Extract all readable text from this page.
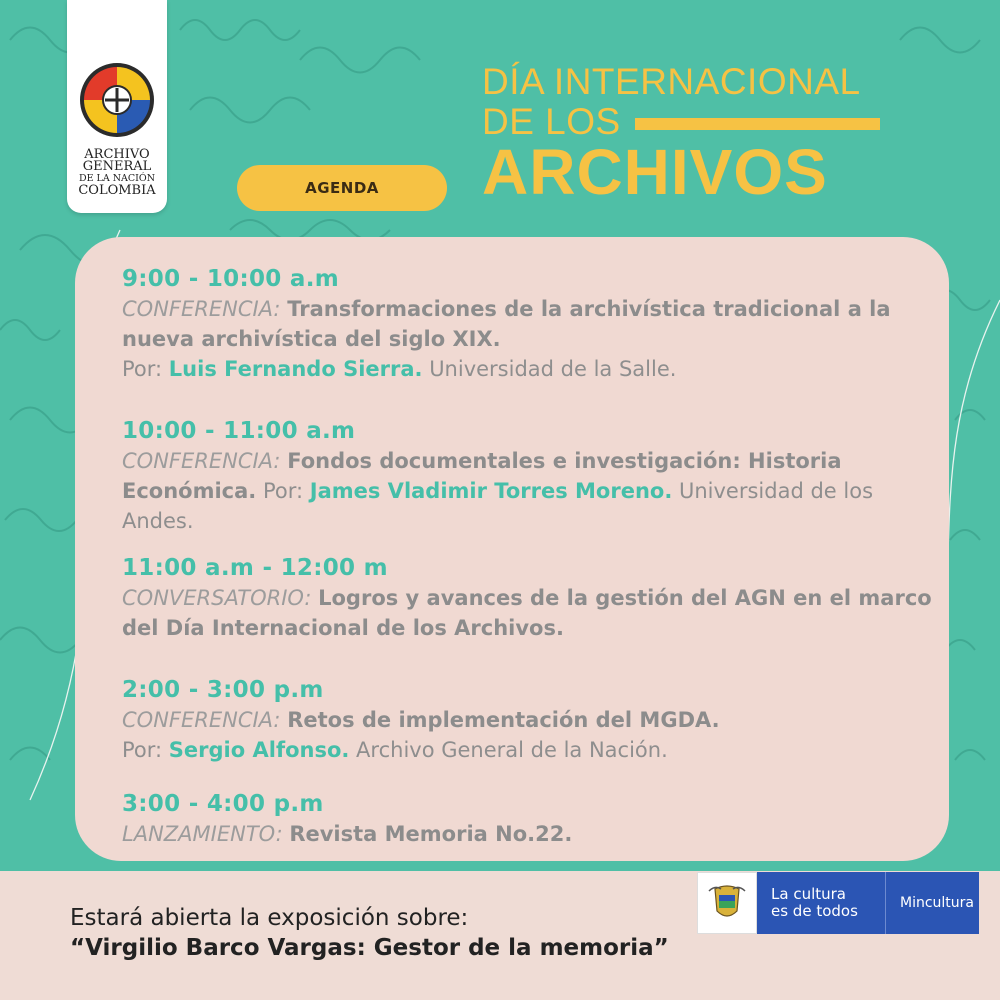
ARCHIVO
GENERAL
DE LA NACIÓN
COLOMBIA
DÍA INTERNACIONAL
DE LOS
ARCHIVOS
AGENDA
9:00 - 10:00 a.m
CONFERENCIA: Transformaciones de la archivística tradicional a la nueva archivística del siglo XIX.
Por: Luis Fernando Sierra. Universidad de la Salle.
10:00 - 11:00 a.m
CONFERENCIA: Fondos documentales e investigación: Historia Económica. Por: James Vladimir Torres Moreno. Universidad de los Andes.
11:00 a.m - 12:00 m
CONVERSATORIO: Logros y avances de la gestión del AGN en el marco del Día Internacional de los Archivos.
2:00 - 3:00 p.m
CONFERENCIA: Retos de implementación del MGDA.
Por: Sergio Alfonso. Archivo General de la Nación.
3:00 - 4:00 p.m
LANZAMIENTO: Revista Memoria No.22.
Estará abierta la exposición sobre:
“Virgilio Barco Vargas: Gestor de la memoria”
La cultura
es de todos	Mincultura
